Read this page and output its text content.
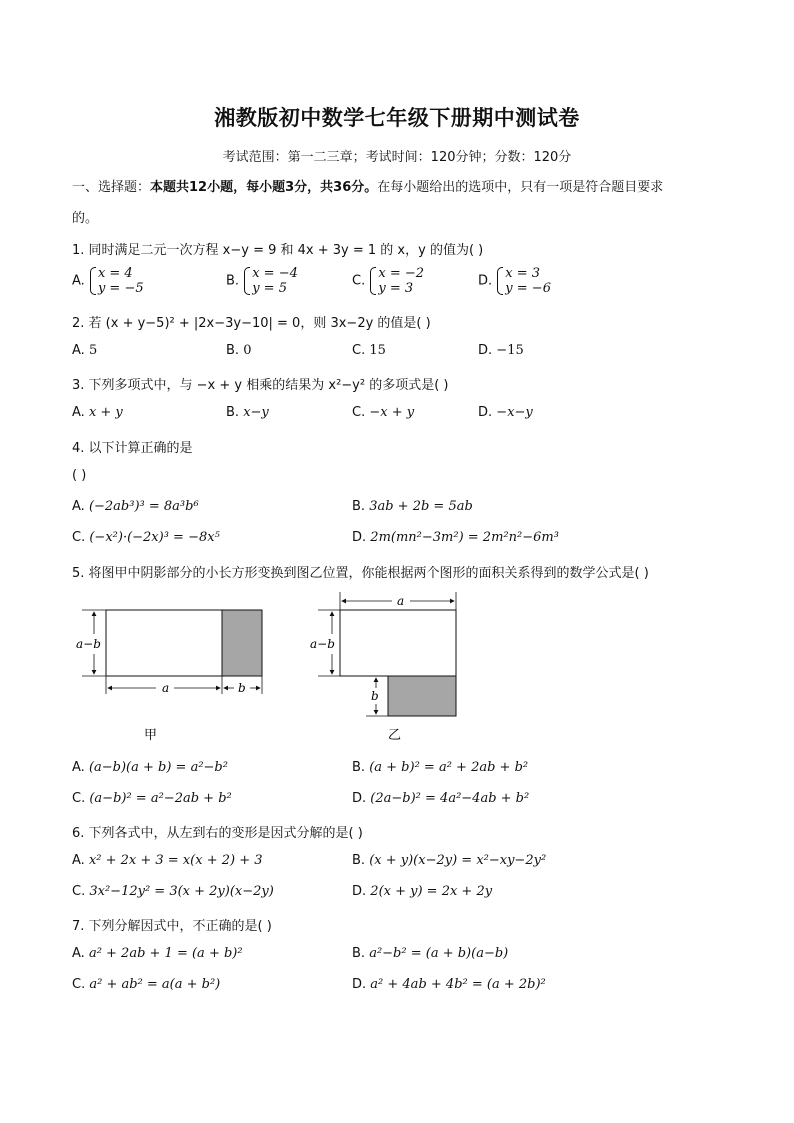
湘教版初中数学七年级下册期中测试卷
考试范围：第一二三章；考试时间：120分钟；分数：120分
一、选择题：本题共12小题，每小题3分，共36分。在每小题给出的选项中，只有一项是符合题目要求
的。
1. 同时满足二元一次方程 x−y = 9 和 4x + 3y = 1 的 x，y 的值为( )
A. x = 4
y = −5	B. x = −4
y = 5	C. x = −2
y = 3	D. x = 3
y = −6
2. 若 (x + y−5)² + |2x−3y−10| = 0，则 3x−2y 的值是( )
A. 5	B. 0	C. 15	D. −15
3. 下列多项式中，与 −x + y 相乘的结果为 x²−y² 的多项式是( )
A. x + y	B. x−y	C. −x + y	D. −x−y
4. 以下计算正确的是
( )
A. (−2ab³)³ = 8a³b⁶	B. 3ab + 2b = 5ab
C. (−x²)·(−2x)³ = −8x⁵	D. 2m(mn²−3m²) = 2m²n²−6m³
5. 将图甲中阴影部分的小长方形变换到图乙位置，你能根据两个图形的面积关系得到的数学公式是( )
a−b
a	b
甲
a
a−b
b
乙
A. (a−b)(a + b) = a²−b²	B. (a + b)² = a² + 2ab + b²
C. (a−b)² = a²−2ab + b²	D. (2a−b)² = 4a²−4ab + b²
6. 下列各式中，从左到右的变形是因式分解的是( )
A. x² + 2x + 3 = x(x + 2) + 3	B. (x + y)(x−2y) = x²−xy−2y²
C. 3x²−12y² = 3(x + 2y)(x−2y)	D. 2(x + y) = 2x + 2y
7. 下列分解因式中，不正确的是( )
A. a² + 2ab + 1 = (a + b)²	B. a²−b² = (a + b)(a−b)
C. a² + ab² = a(a + b²)	D. a² + 4ab + 4b² = (a + 2b)²
